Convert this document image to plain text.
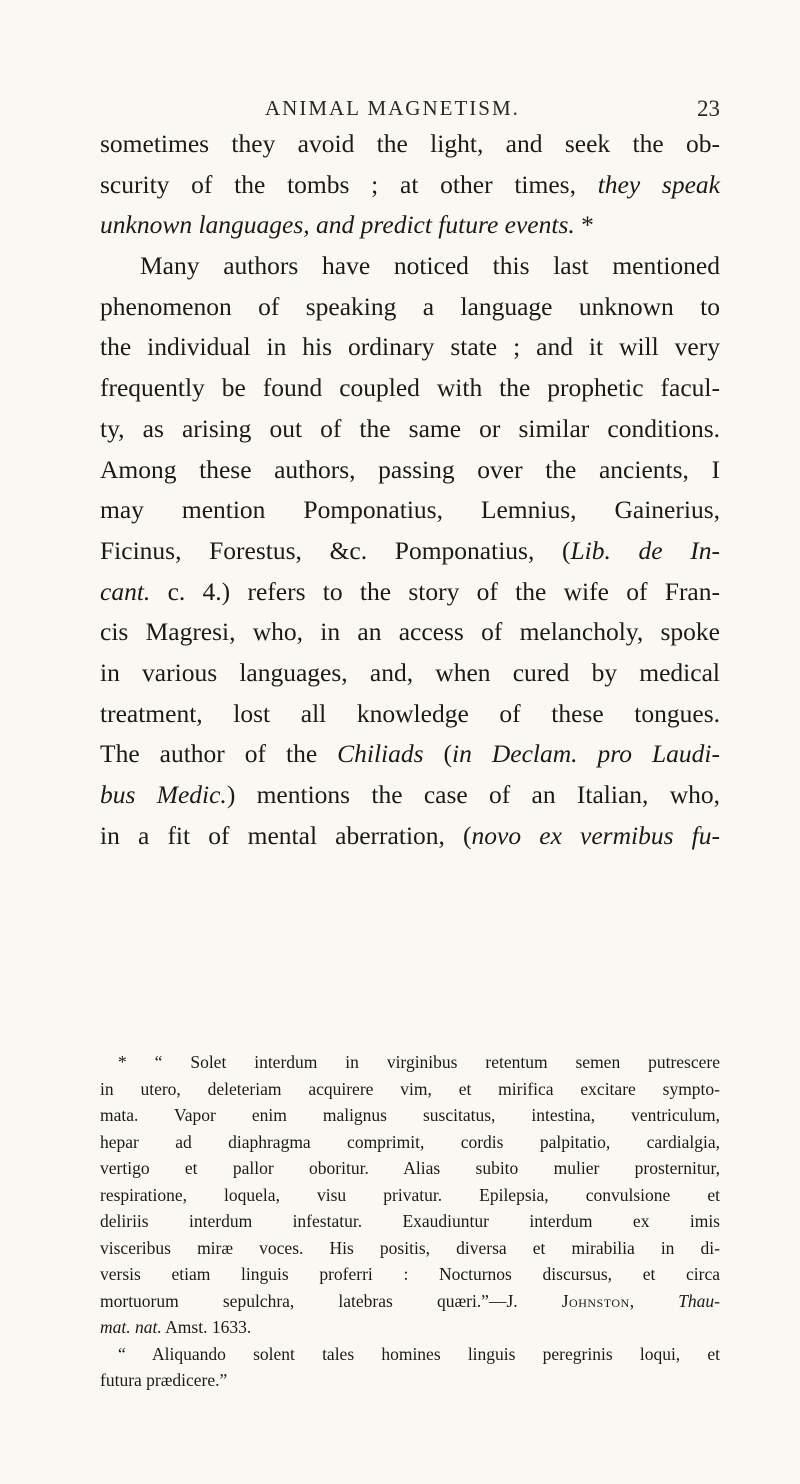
ANIMAL MAGNETISM.	23
sometimes they avoid the light, and seek the ob-
scurity of the tombs ; at other times, they speak
unknown languages, and predict future events. *
Many authors have noticed this last mentioned
phenomenon of speaking a language unknown to
the individual in his ordinary state ; and it will very
frequently be found coupled with the prophetic facul-
ty, as arising out of the same or similar conditions.
Among these authors, passing over the ancients, I
may mention Pomponatius, Lemnius, Gainerius,
Ficinus, Forestus, &c. Pomponatius, (Lib. de In-
cant. c. 4.) refers to the story of the wife of Fran-
cis Magresi, who, in an access of melancholy, spoke
in various languages, and, when cured by medical
treatment, lost all knowledge of these tongues.
The author of the Chiliads (in Declam. pro Laudi-
bus Medic.) mentions the case of an Italian, who,
in a fit of mental aberration, (novo ex vermibus fu-
* “ Solet interdum in virginibus retentum semen putrescere
in utero, deleteriam acquirere vim, et mirifica excitare sympto-
mata. Vapor enim malignus suscitatus, intestina, ventriculum,
hepar ad diaphragma comprimit, cordis palpitatio, cardialgia,
vertigo et pallor oboritur. Alias subito mulier prosternitur,
respiratione, loquela, visu privatur. Epilepsia, convulsione et
deliriis interdum infestatur. Exaudiuntur interdum ex imis
visceribus miræ voces. His positis, diversa et mirabilia in di-
versis etiam linguis proferri : Nocturnos discursus, et circa
mortuorum sepulchra, latebras quæri.”—J. Johnston, Thau-
mat. nat. Amst. 1633.
“ Aliquando solent tales homines linguis peregrinis loqui, et
futura prædicere.”
